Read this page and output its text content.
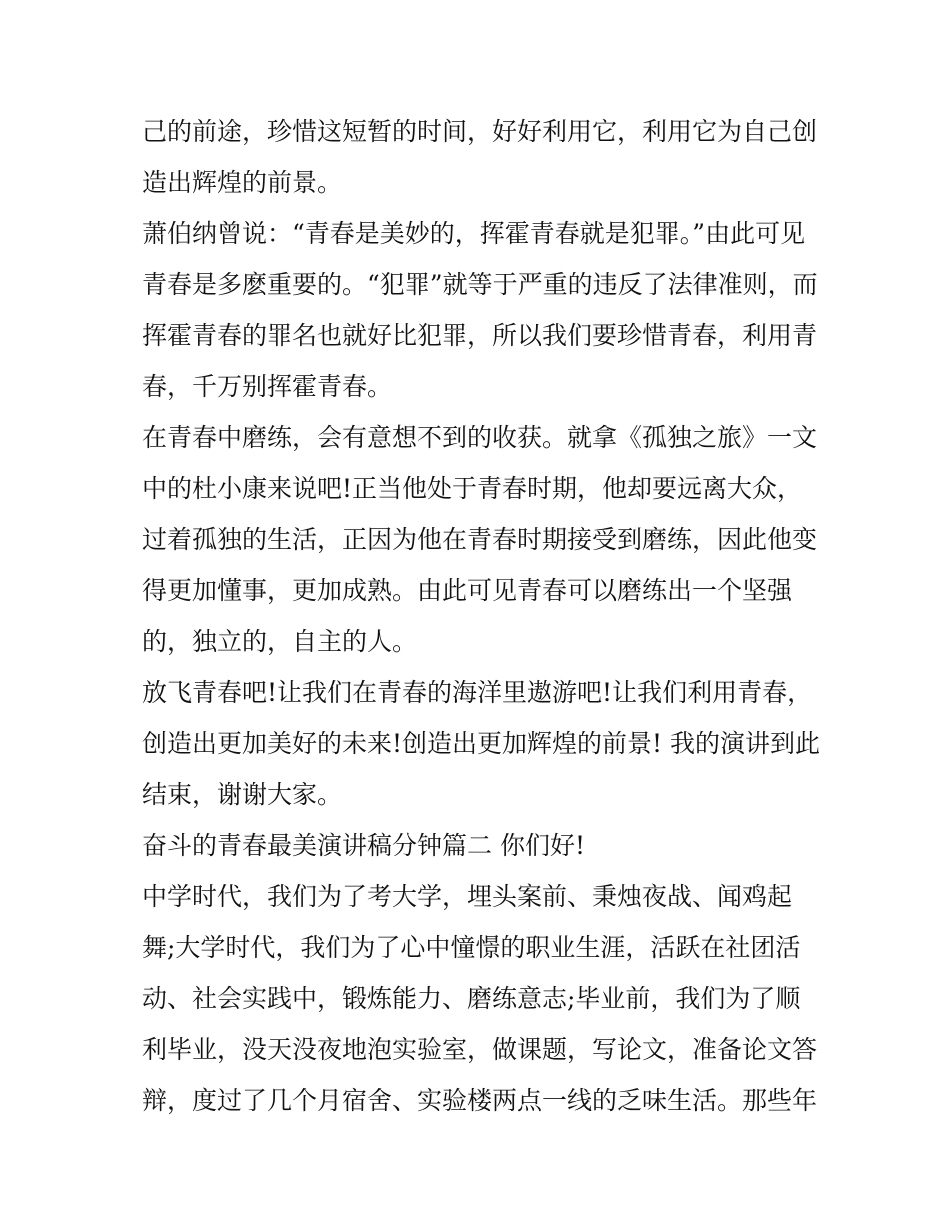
己的前途，珍惜这短暂的时间，好好利用它，利用它为自己创
造出辉煌的前景。
萧伯纳曾说：“青春是美妙的，挥霍青春就是犯罪。”由此可见
青春是多麽重要的。“犯罪”就等于严重的违反了法律准则，而
挥霍青春的罪名也就好比犯罪，所以我们要珍惜青春，利用青
春，千万别挥霍青春。
在青春中磨练，会有意想不到的收获。就拿《孤独之旅》一文
中的杜小康来说吧!正当他处于青春时期，他却要远离大众，
过着孤独的生活，正因为他在青春时期接受到磨练，因此他变
得更加懂事，更加成熟。由此可见青春可以磨练出一个坚强
的，独立的，自主的人。
放飞青春吧!让我们在青春的海洋里遨游吧!让我们利用青春，
创造出更加美好的未来!创造出更加辉煌的前景! 我的演讲到此
结束，谢谢大家。
奋斗的青春最美演讲稿分钟篇二 你们好!
中学时代，我们为了考大学，埋头案前、秉烛夜战、闻鸡起
舞;大学时代，我们为了心中憧憬的职业生涯，活跃在社团活
动、社会实践中，锻炼能力、磨练意志;毕业前，我们为了顺
利毕业，没天没夜地泡实验室，做课题，写论文，准备论文答
辩，度过了几个月宿舍、实验楼两点一线的乏味生活。那些年
